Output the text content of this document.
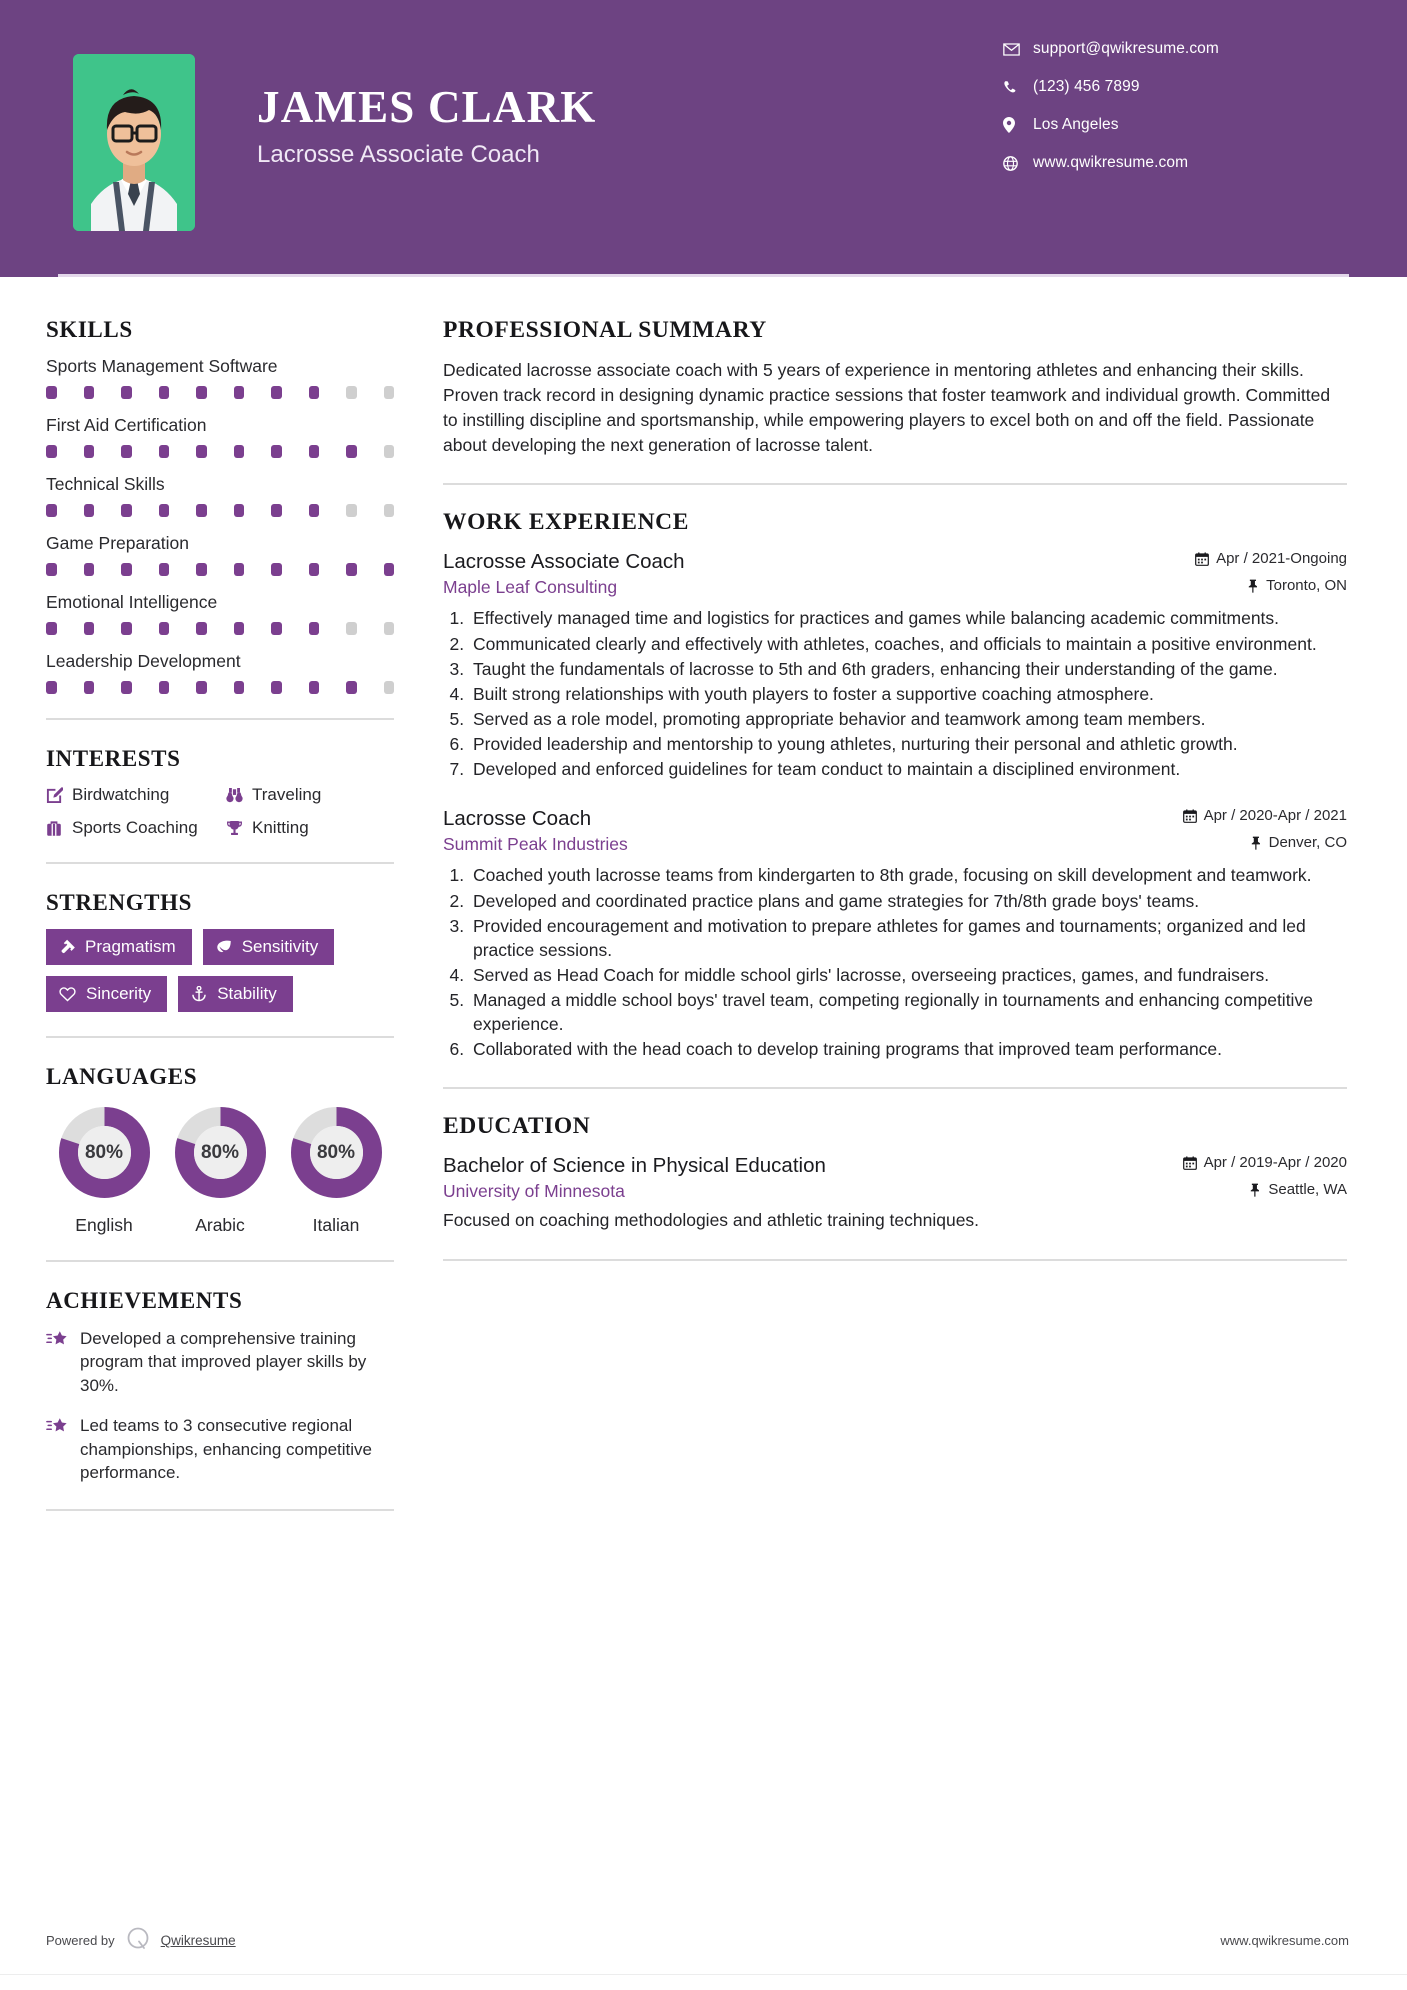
JAMES CLARK
Lacrosse Associate Coach
support@qwikresume.com
(123) 456 7899
Los Angeles
www.qwikresume.com
SKILLS
Sports Management Software
First Aid Certification
Technical Skills
Game Preparation
Emotional Intelligence
Leadership Development
INTERESTS
Birdwatching	Traveling
Sports Coaching	Knitting
STRENGTHS
Pragmatism	Sensitivity
Sincerity	Stability
LANGUAGES
80%
English
80%
Arabic
80%
Italian
ACHIEVEMENTS
Developed a comprehensive training program that improved player skills by 30%.
Led teams to 3 consecutive regional championships, enhancing competitive performance.
PROFESSIONAL SUMMARY

Dedicated lacrosse associate coach with 5 years of experience in mentoring athletes and enhancing their skills. Proven track record in designing dynamic practice sessions that foster teamwork and individual growth. Committed to instilling discipline and sportsmanship, while empowering players to excel both on and off the field. Passionate about developing the next generation of lacrosse talent.

WORK EXPERIENCE
Lacrosse Associate Coach	Apr / 2021-Ongoing
Maple Leaf Consulting	Toronto, ON
1. Effectively managed time and logistics for practices and games while balancing academic commitments.
2. Communicated clearly and effectively with athletes, coaches, and officials to maintain a positive environment.
3. Taught the fundamentals of lacrosse to 5th and 6th graders, enhancing their understanding of the game.
4. Built strong relationships with youth players to foster a supportive coaching atmosphere.
5. Served as a role model, promoting appropriate behavior and teamwork among team members.
6. Provided leadership and mentorship to young athletes, nurturing their personal and athletic growth.
7. Developed and enforced guidelines for team conduct to maintain a disciplined environment.
Lacrosse Coach	Apr / 2020-Apr / 2021
Summit Peak Industries	Denver, CO
1. Coached youth lacrosse teams from kindergarten to 8th grade, focusing on skill development and teamwork.
2. Developed and coordinated practice plans and game strategies for 7th/8th grade boys' teams.
3. Provided encouragement and motivation to prepare athletes for games and tournaments; organized and led practice sessions.
4. Served as Head Coach for middle school girls' lacrosse, overseeing practices, games, and fundraisers.
5. Managed a middle school boys' travel team, competing regionally in tournaments and enhancing competitive experience.
6. Collaborated with the head coach to develop training programs that improved team performance.
EDUCATION
Bachelor of Science in Physical Education	Apr / 2019-Apr / 2020
University of Minnesota	Seattle, WA
Focused on coaching methodologies and athletic training techniques.
Powered by	Qwikresume	www.qwikresume.com
